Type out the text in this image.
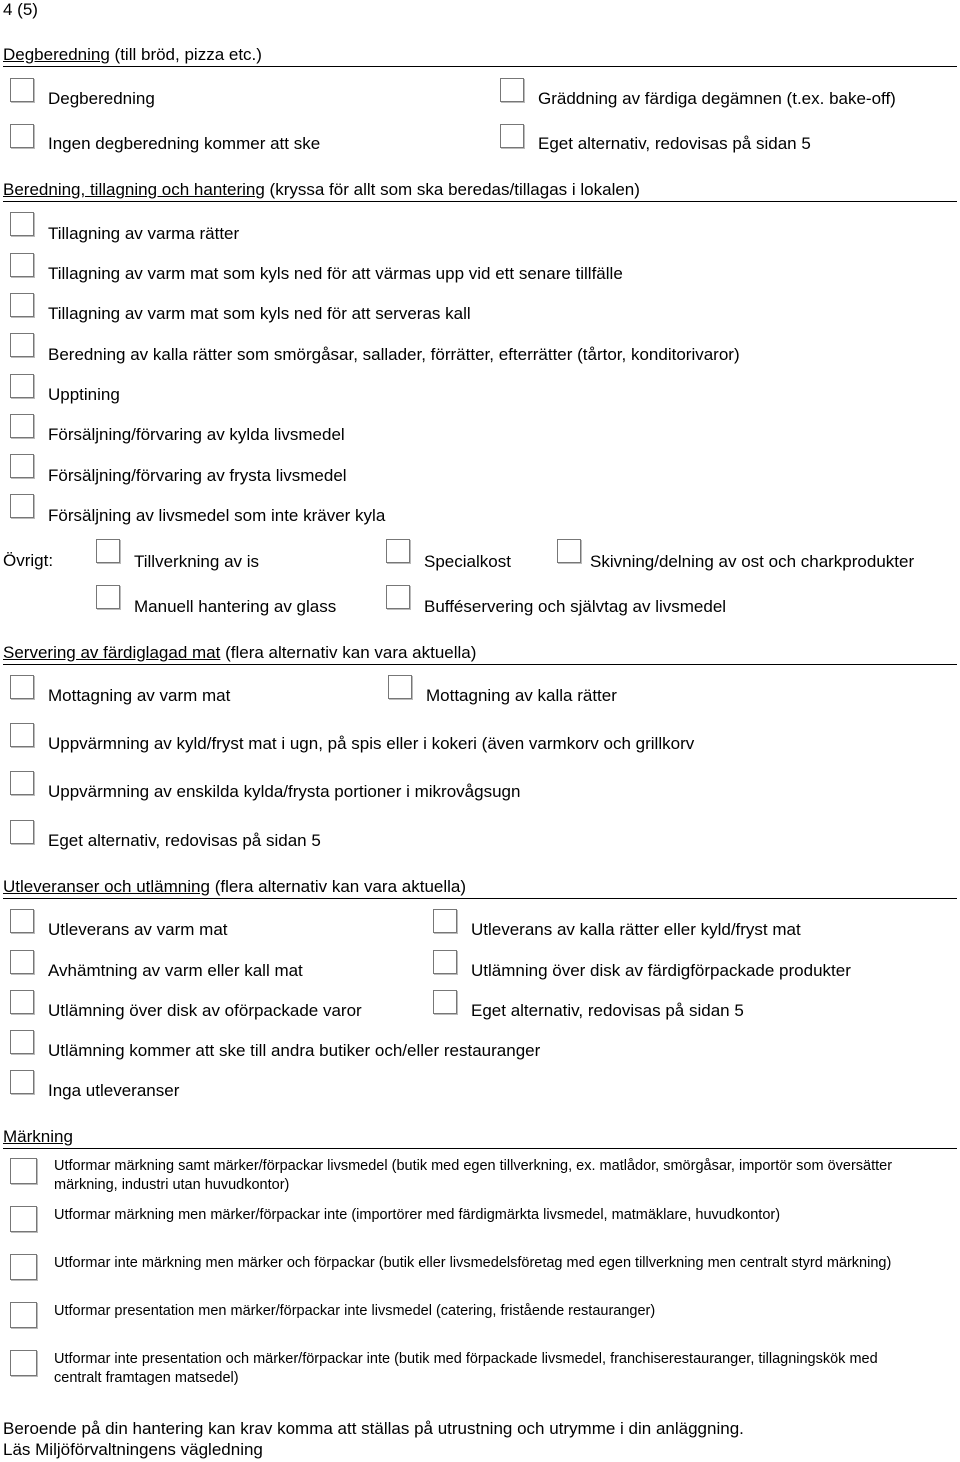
4 (5)
Degberedning (till bröd, pizza etc.)
Degberedning	Gräddning av färdiga degämnen (t.ex. bake-off)
Ingen degberedning kommer att ske	Eget alternativ, redovisas på sidan 5
Beredning, tillagning och hantering (kryssa för allt som ska beredas/tillagas i lokalen)
Tillagning av varma rätter
Tillagning av varm mat som kyls ned för att värmas upp vid ett senare tillfälle
Tillagning av varm mat som kyls ned för att serveras kall
Beredning av kalla rätter som smörgåsar, sallader, förrätter, efterrätter (tårtor, konditorivaror)
Upptining
Försäljning/förvaring av kylda livsmedel
Försäljning/förvaring av frysta livsmedel
Försäljning av livsmedel som inte kräver kyla
Övrigt:	Tillverkning av is	Specialkost	Skivning/delning av ost och charkprodukter
Manuell hantering av glass	Bufféservering och självtag av livsmedel
Servering av färdiglagad mat (flera alternativ kan vara aktuella)
Mottagning av varm mat	Mottagning av kalla rätter
Uppvärmning av kyld/fryst mat i ugn, på spis eller i kokeri (även varmkorv och grillkorv
Uppvärmning av enskilda kylda/frysta portioner i mikrovågsugn
Eget alternativ, redovisas på sidan 5
Utleveranser och utlämning (flera alternativ kan vara aktuella)
Utleverans av varm mat	Utleverans av kalla rätter eller kyld/fryst mat
Avhämtning av varm eller kall mat	Utlämning över disk av färdigförpackade produkter
Utlämning över disk av oförpackade varor	Eget alternativ, redovisas på sidan 5
Utlämning kommer att ske till andra butiker och/eller restauranger
Inga utleveranser
Märkning
Utformar märkning samt märker/förpackar livsmedel (butik med egen tillverkning, ex. matlådor, smörgåsar, importör som översätter märkning, industri utan huvudkontor)
Utformar märkning men märker/förpackar inte (importörer med färdigmärkta livsmedel, matmäklare, huvudkontor)
Utformar inte märkning men märker och förpackar (butik eller livsmedelsföretag med egen tillverkning men centralt styrd märkning)
Utformar presentation men märker/förpackar inte livsmedel (catering, fristående restauranger)
Utformar inte presentation och märker/förpackar inte (butik med förpackade livsmedel, franchiserestauranger, tillagningskök med centralt framtagen matsedel)
Beroende på din hantering kan krav komma att ställas på utrustning och utrymme i din anläggning.
Läs Miljöförvaltningens vägledning
